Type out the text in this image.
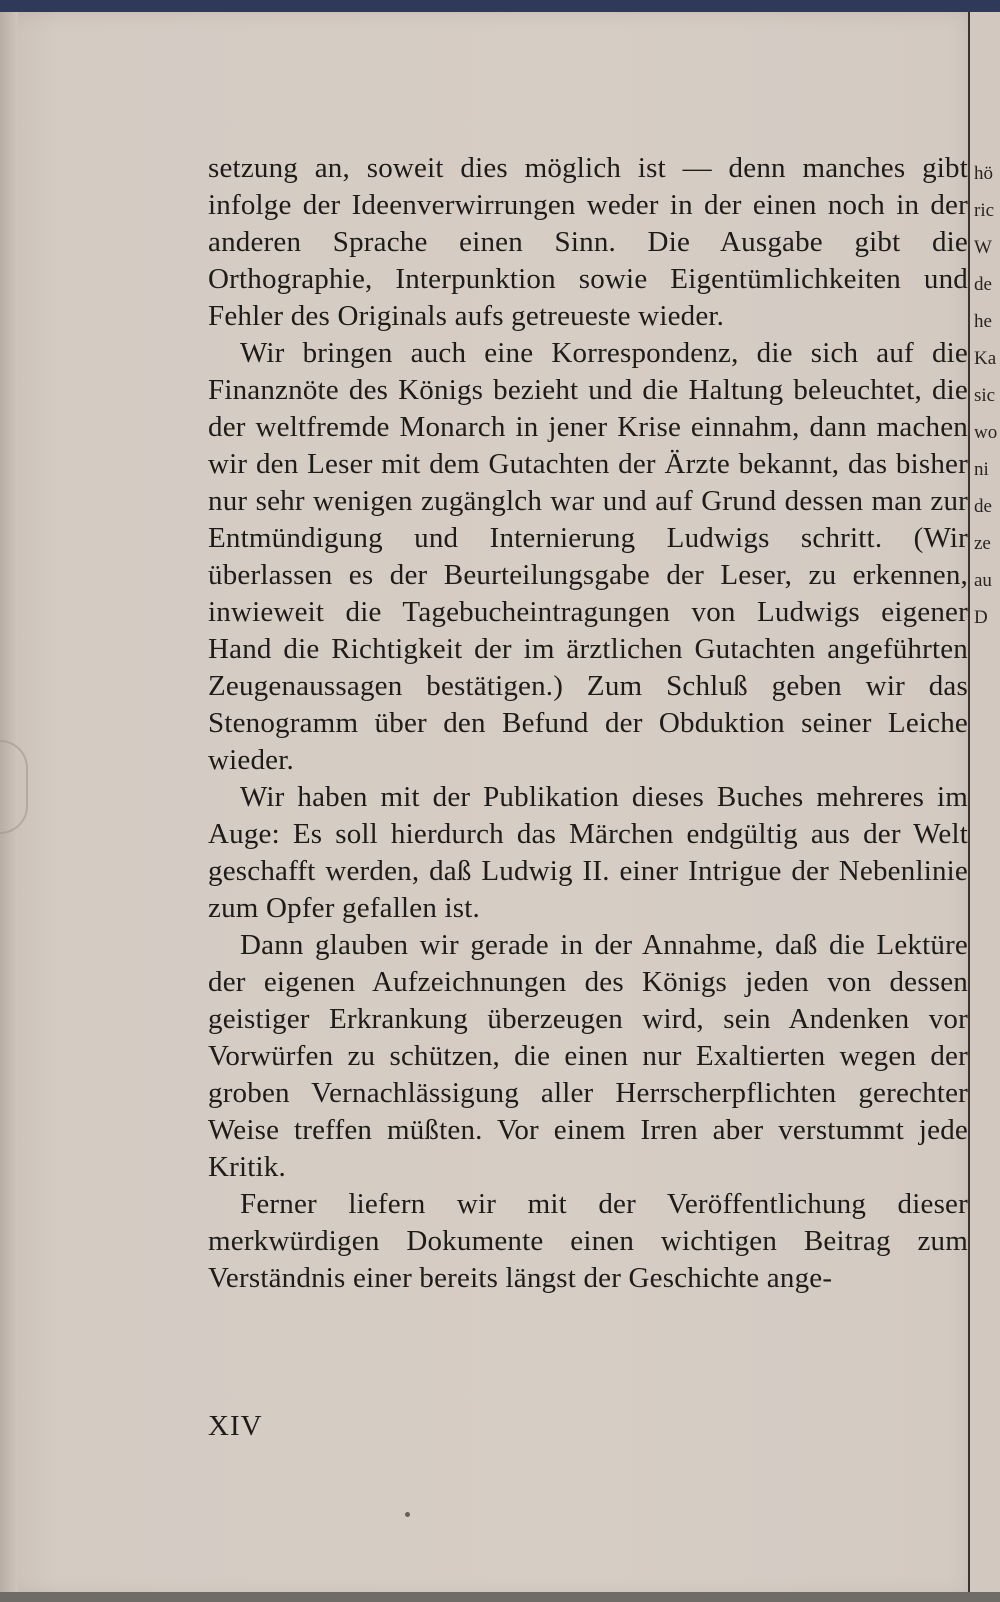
setzung an, soweit dies möglich ist — denn manches gibt infolge der Ideenverwirrungen weder in der einen noch in der anderen Sprache einen Sinn. Die Ausgabe gibt die Orthographie, Interpunktion sowie Eigentümlichkeiten und Fehler des Originals aufs getreueste wieder.

Wir bringen auch eine Korrespondenz, die sich auf die Finanznöte des Königs bezieht und die Haltung beleuchtet, die der weltfremde Monarch in jener Krise einnahm, dann machen wir den Leser mit dem Gutachten der Ärzte bekannt, das bisher nur sehr wenigen zugänglch war und auf Grund dessen man zur Entmündigung und Internierung Ludwigs schritt. (Wir überlassen es der Beurteilungsgabe der Leser, zu erkennen, inwieweit die Tagebucheintragungen von Ludwigs eigener Hand die Richtigkeit der im ärztlichen Gutachten angeführten Zeugenaussagen bestätigen.) Zum Schluß geben wir das Stenogramm über den Befund der Obduktion seiner Leiche wieder.

Wir haben mit der Publikation dieses Buches mehreres im Auge: Es soll hierdurch das Märchen endgültig aus der Welt geschafft werden, daß Ludwig II. einer Intrigue der Nebenlinie zum Opfer gefallen ist.

Dann glauben wir gerade in der Annahme, daß die Lektüre der eigenen Aufzeichnungen des Königs jeden von dessen geistiger Erkrankung überzeugen wird, sein Andenken vor Vorwürfen zu schützen, die einen nur Exaltierten wegen der groben Vernachlässigung aller Herrscherpflichten gerechter Weise treffen müßten. Vor einem Irren aber verstummt jede Kritik.

Ferner liefern wir mit der Veröffentlichung dieser merkwürdigen Dokumente einen wichtigen Beitrag zum Verständnis einer bereits längst der Geschichte ange-

XIV
hö
ric
W
de
he
Ka
sic
wo
ni
de
ze
au
D
